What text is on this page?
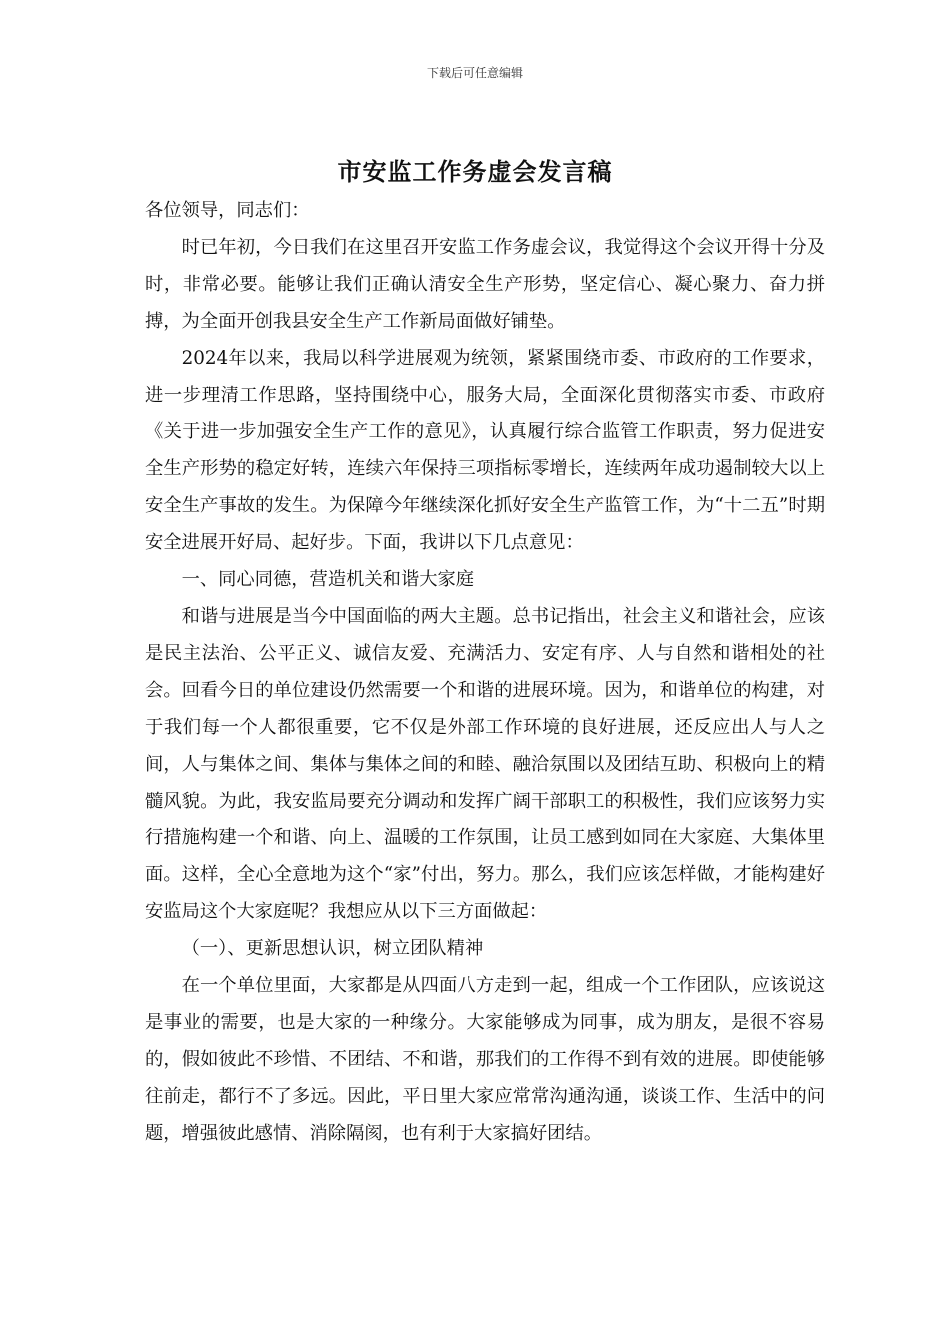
下载后可任意编辑
市安监工作务虚会发言稿

各位领导，同志们：

时已年初，今日我们在这里召开安监工作务虚会议，我觉得这个会议开得十分及时，非常必要。能够让我们正确认清安全生产形势，坚定信心、凝心聚力、奋力拼搏，为全面开创我县安全生产工作新局面做好铺垫。

2024年以来，我局以科学进展观为统领，紧紧围绕市委、市政府的工作要求，进一步理清工作思路，坚持围绕中心，服务大局，全面深化贯彻落实市委、市政府《关于进一步加强安全生产工作的意见》，认真履行综合监管工作职责，努力促进安全生产形势的稳定好转，连续六年保持三项指标零增长，连续两年成功遏制较大以上安全生产事故的发生。为保障今年继续深化抓好安全生产监管工作，为“十二五”时期安全进展开好局、起好步。下面，我讲以下几点意见：

一、同心同德，营造机关和谐大家庭

和谐与进展是当今中国面临的两大主题。总书记指出，社会主义和谐社会，应该是民主法治、公平正义、诚信友爱、充满活力、安定有序、人与自然和谐相处的社会。回看今日的单位建设仍然需要一个和谐的进展环境。因为，和谐单位的构建，对于我们每一个人都很重要，它不仅是外部工作环境的良好进展，还反应出人与人之间，人与集体之间、集体与集体之间的和睦、融洽氛围以及团结互助、积极向上的精髓风貌。为此，我安监局要充分调动和发挥广阔干部职工的积极性，我们应该努力实行措施构建一个和谐、向上、温暖的工作氛围，让员工感到如同在大家庭、大集体里面。这样，全心全意地为这个“家”付出，努力。那么，我们应该怎样做，才能构建好安监局这个大家庭呢？我想应从以下三方面做起：

（一）、更新思想认识，树立团队精神

在一个单位里面，大家都是从四面八方走到一起，组成一个工作团队，应该说这是事业的需要，也是大家的一种缘分。大家能够成为同事，成为朋友，是很不容易的，假如彼此不珍惜、不团结、不和谐，那我们的工作得不到有效的进展。即使能够往前走，都行不了多远。因此，平日里大家应常常沟通沟通，谈谈工作、生活中的问题，增强彼此感情、消除隔阂，也有利于大家搞好团结。
